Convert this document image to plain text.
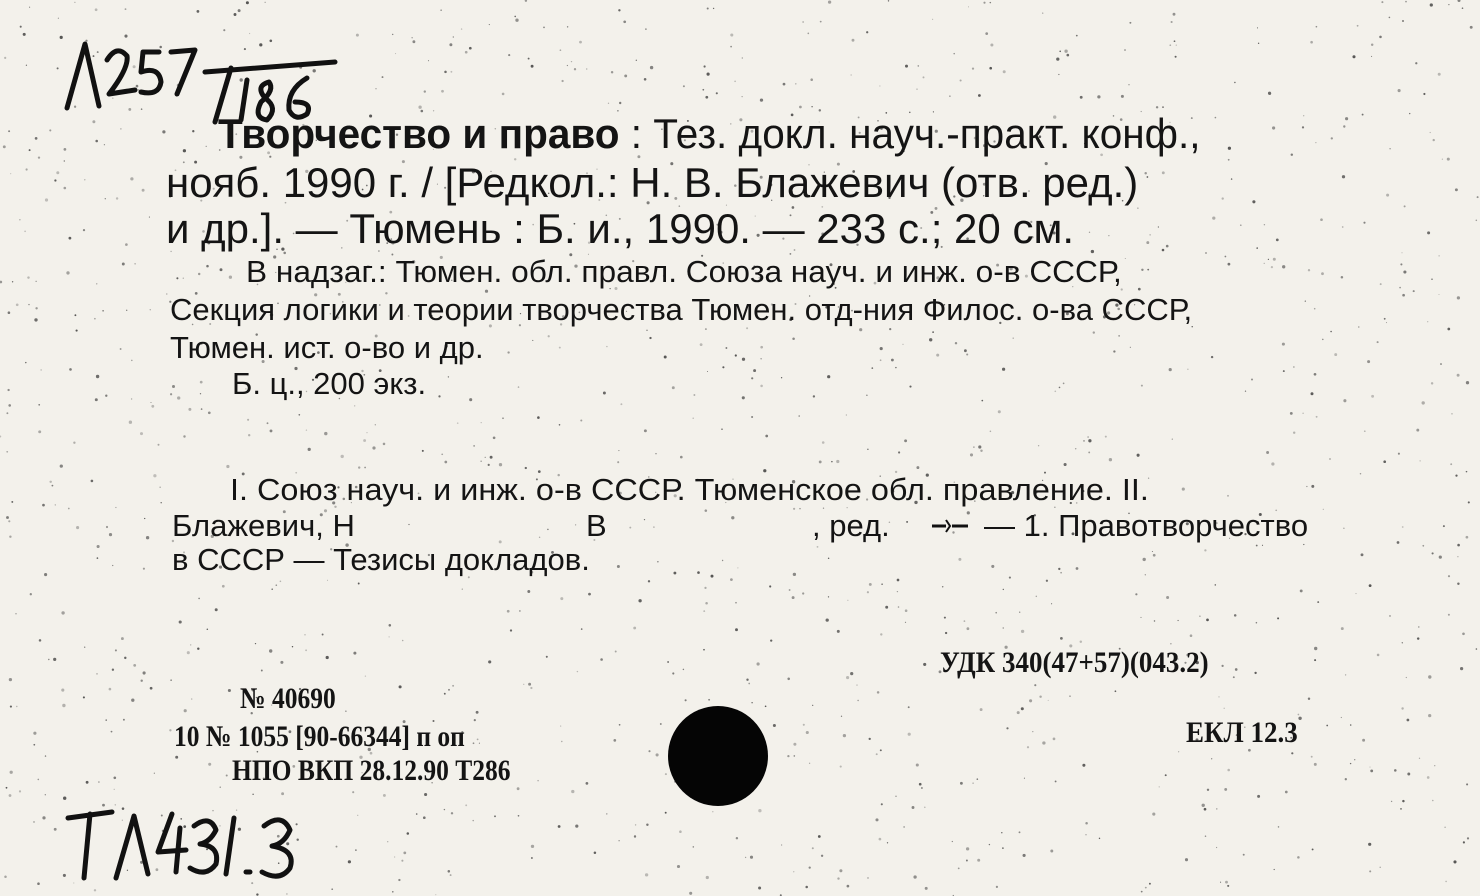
Творчество и право : Тез. докл. науч.-практ. конф.,
нояб. 1990 г. / [Редкол.: Н. В. Блажевич (отв. ред.)
и др.]. — Тюмень : Б. и., 1990. — 233 с.; 20 см.
В надзаг.: Тюмен. обл. правл. Союза науч. и инж. о-в СССР,
Секция логики и теории творчества Тюмен. отд-ния Филос. о-ва СССР,
Тюмен. ист. о-во и др.
Б. ц., 200 экз.
I. Союз науч. и инж. о-в СССР. Тюменское обл. правление. II.
Блажевич, Н	В	, ред.	— 1. Правотворчество
в СССР — Тезисы докладов.
УДК 340(47+57)(043.2)
ЕКЛ 12.3
№ 40690
10 № 1055 [90-66344] п оп
НПО ВКП 28.12.90 Т286
